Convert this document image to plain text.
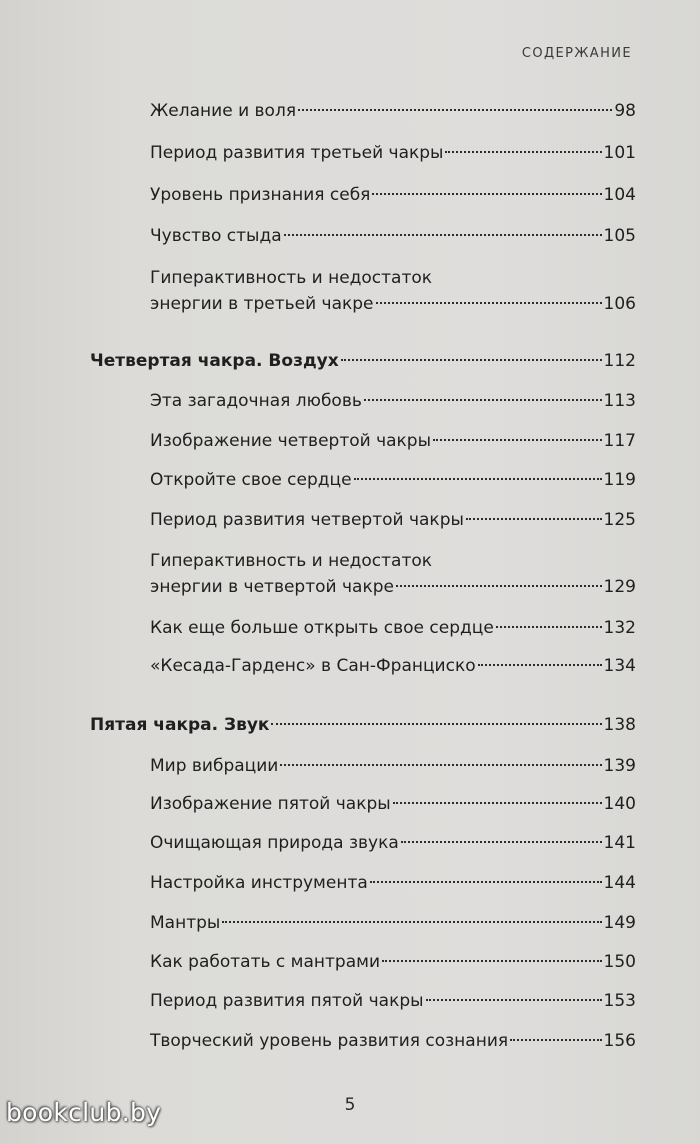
СОДЕРЖАНИЕ
Желание и воля	98
Период развития третьей чакры	101
Уровень признания себя	104
Чувство стыда	105
Гиперактивность и недостаток
энергии в третьей чакре	106
Четвертая чакра. Воздух	112
Эта загадочная любовь	113
Изображение четвертой чакры	117
Откройте свое сердце	119
Период развития четвертой чакры	125
Гиперактивность и недостаток
энергии в четвертой чакре	129
Как еще больше открыть свое сердце	132
«Кесада-Гарденс» в Сан-Франциско	134
Пятая чакра. Звук	138
Мир вибрации	139
Изображение пятой чакры	140
Очищающая природа звука	141
Настройка инструмента	144
Мантры	149
Как работать с мантрами	150
Период развития пятой чакры	153
Творческий уровень развития сознания	156
5
bookclub.by
